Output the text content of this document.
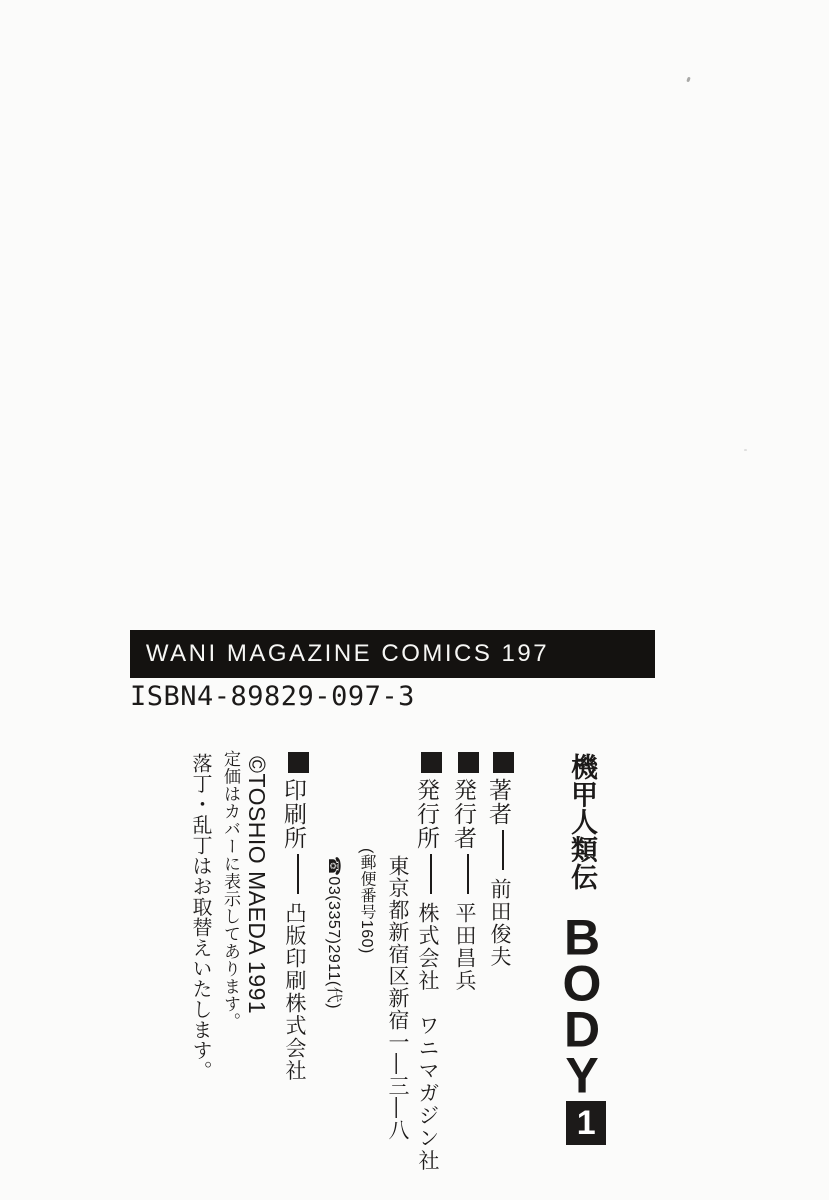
WANI MAGAZINE COMICS 197
ISBN4-89829-097-3
機甲人類伝BODY1
著者前田俊夫
発行者平田昌兵
発行所株式会社　ワニマガジン社
東京都新宿区新宿一―三―八
(郵便番号160)
☎03(3357)2911(代)
印刷所凸版印刷株式会社
©TOSHIO MAEDA 1991
定価はカバーに表示してあります。
落丁・乱丁はお取替えいたします。
